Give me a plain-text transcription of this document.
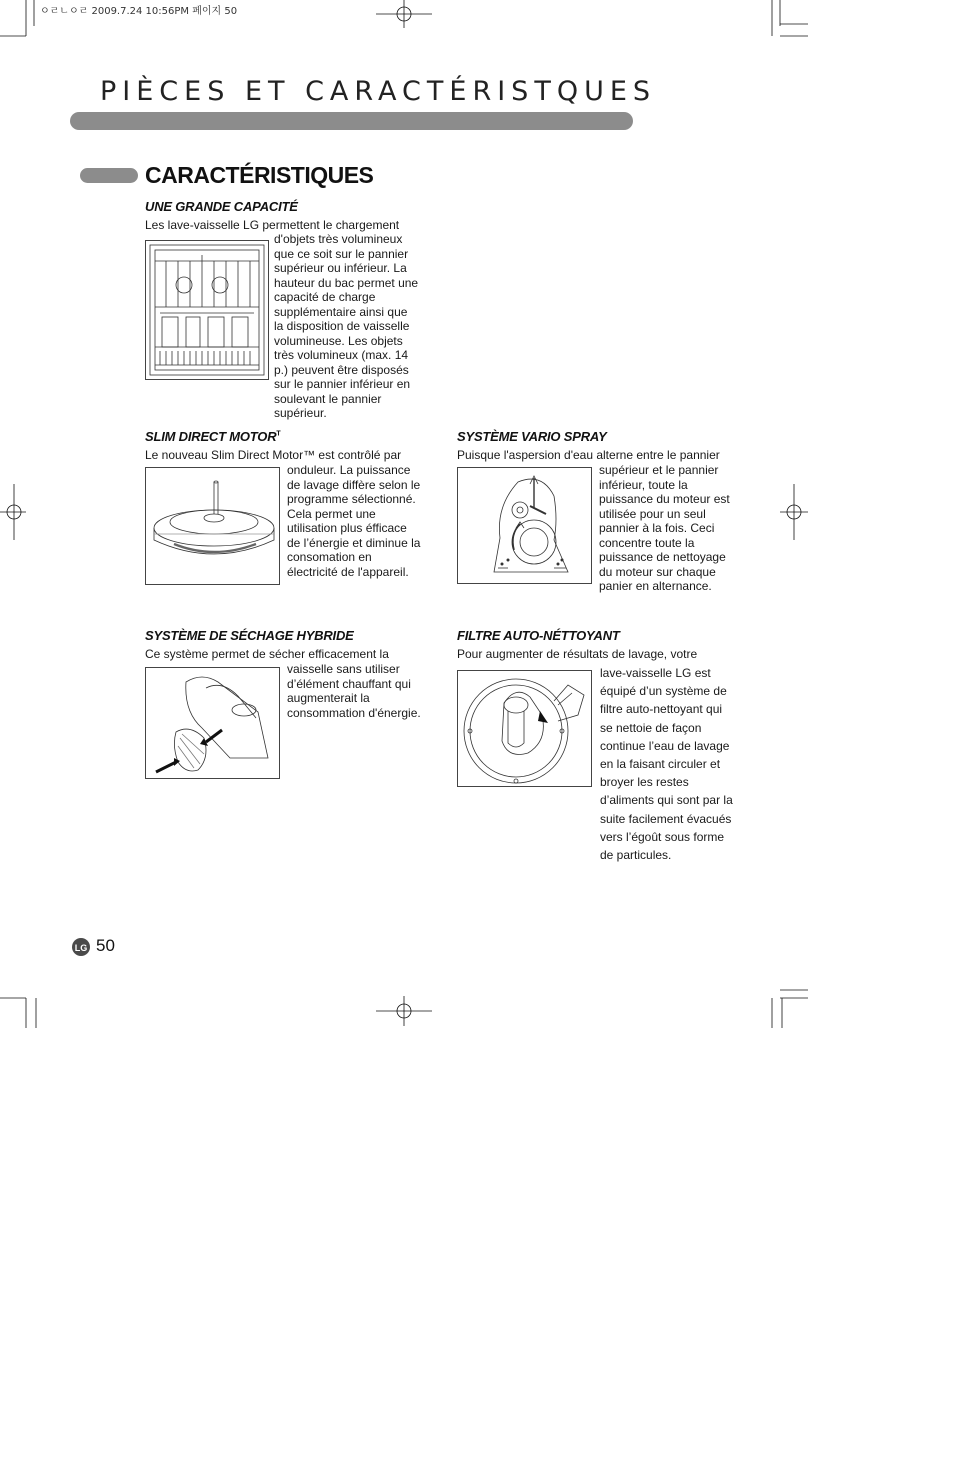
ㅇㄹㄴㅇㄹ 2009.7.24 10:56PM 페이지 50
PIÈCES ET CARACTÉRISTQUES
CARACTÉRISTIQUES
UNE GRANDE CAPACITÉ
Les lave-vaisselle LG permettent le chargement
d'objets très volumineux que ce soit sur le pannier supérieur ou inférieur. La hauteur du bac permet une capacité de charge supplémentaire ainsi que la disposition de vaisselle volumineuse. Les objets très volumineux (max. 14 p.) peuvent être disposés sur le pannier inférieur en soulevant le pannier supérieur.
SLIM DIRECT $MOTOR^T$
Le nouveau Slim Direct Motor™ est contrôlé par
onduleur. La puissance de lavage diffère selon le programme sélectionné. Cela permet une utilisation plus éfficace de l’énergie et diminue la consomation en électricité de l'appareil.
SYSTÈME VARIO SPRAY
Puisque l'aspersion d'eau alterne entre le pannier
supérieur et le pannier inférieur, toute la puissance du moteur est utilisée pour un seul pannier à la fois. Ceci concentre toute la puissance de nettoyage du moteur sur chaque panier en alternance.
SYSTÈME DE SÉCHAGE HYBRIDE
Ce système permet de sécher efficacement la
vaisselle sans utiliser d’élément chauffant qui augmenterait la consommation d'énergie.
FILTRE AUTO-NÉTTOYANT
Pour augmenter de résultats de lavage, votre
lave-vaisselle LG est équipé d’un système de filtre auto-nettoyant qui se nettoie de façon continue l’eau de lavage en la faisant circuler et broyer les restes d’aliments qui sont par la suite facilement évacués vers l’égoût sous forme de particules.
LG 50
